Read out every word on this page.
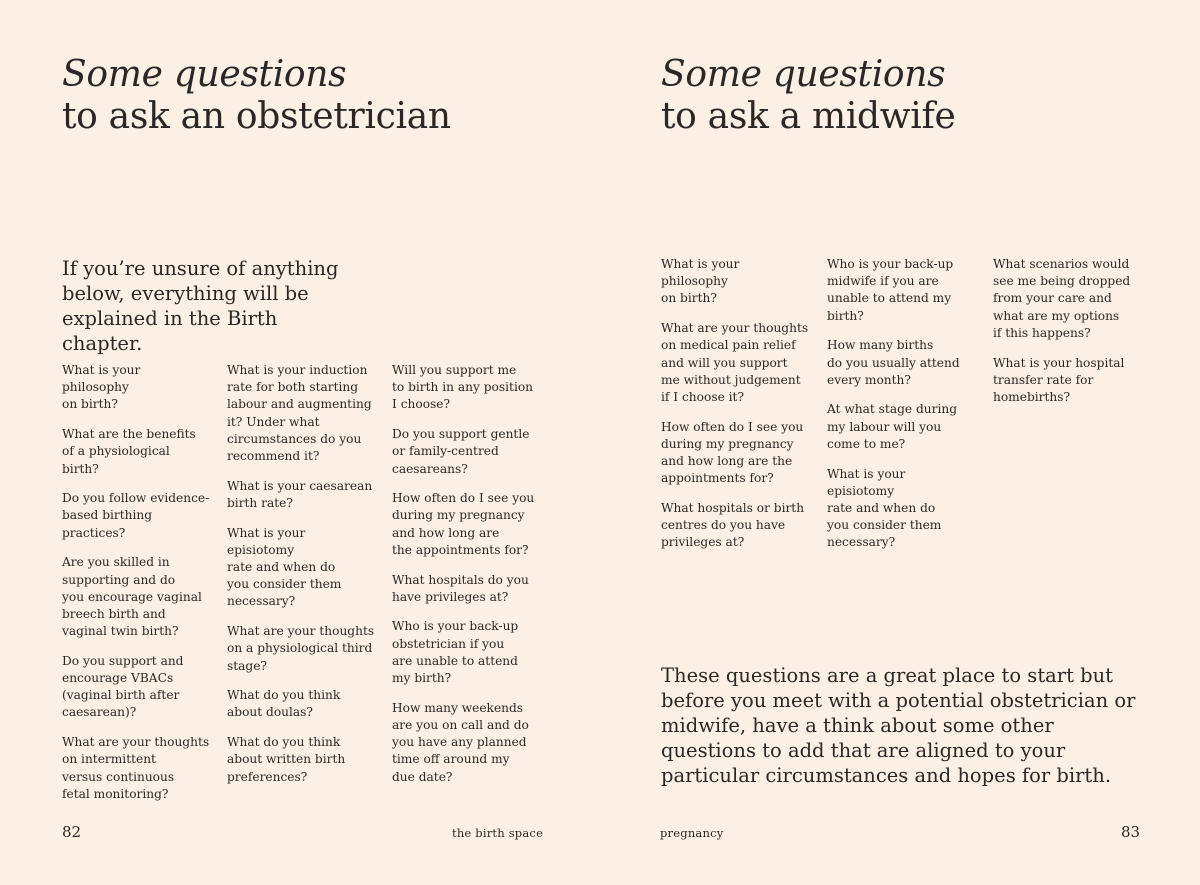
Some questions
to ask an obstetrician

If you’re unsure of anything below, everything will be explained in the Birth chapter.

What is your philosophy
on birth?

What are the benefits
of a physiological birth?

Do you follow evidence-
based birthing
practices?

Are you skilled in
supporting and do
you encourage vaginal
breech birth and
vaginal twin birth?

Do you support and
encourage VBACs
(vaginal birth after
caesarean)?

What are your thoughts
on intermittent
versus continuous
fetal monitoring?

What is your induction
rate for both starting
labour and augmenting
it? Under what
circumstances do you
recommend it?

What is your caesarean
birth rate?

What is your episiotomy
rate and when do
you consider them
necessary?

What are your thoughts
on a physiological third
stage?

What do you think
about doulas?

What do you think
about written birth
preferences?

Will you support me
to birth in any position
I choose?

Do you support gentle
or family-centred
caesareans?

How often do I see you
during my pregnancy
and how long are
the appointments for?

What hospitals do you
have privileges at?

Who is your back-up
obstetrician if you
are unable to attend
my birth?

How many weekends
are you on call and do
you have any planned
time off around my
due date?

82	the birth space
Some questions
to ask a midwife

What is your philosophy
on birth?

What are your thoughts
on medical pain relief
and will you support
me without judgement
if I choose it?

How often do I see you
during my pregnancy
and how long are the
appointments for?

What hospitals or birth
centres do you have
privileges at?

Who is your back-up
midwife if you are
unable to attend my
birth?

How many births
do you usually attend
every month?

At what stage during
my labour will you
come to me?

What is your episiotomy
rate and when do
you consider them
necessary?

What scenarios would
see me being dropped
from your care and
what are my options
if this happens?

What is your hospital
transfer rate for
homebirths?

These questions are a great place to start but before you meet with a potential obstetrician or midwife, have a think about some other questions to add that are aligned to your particular circumstances and hopes for birth.

pregnancy	83
